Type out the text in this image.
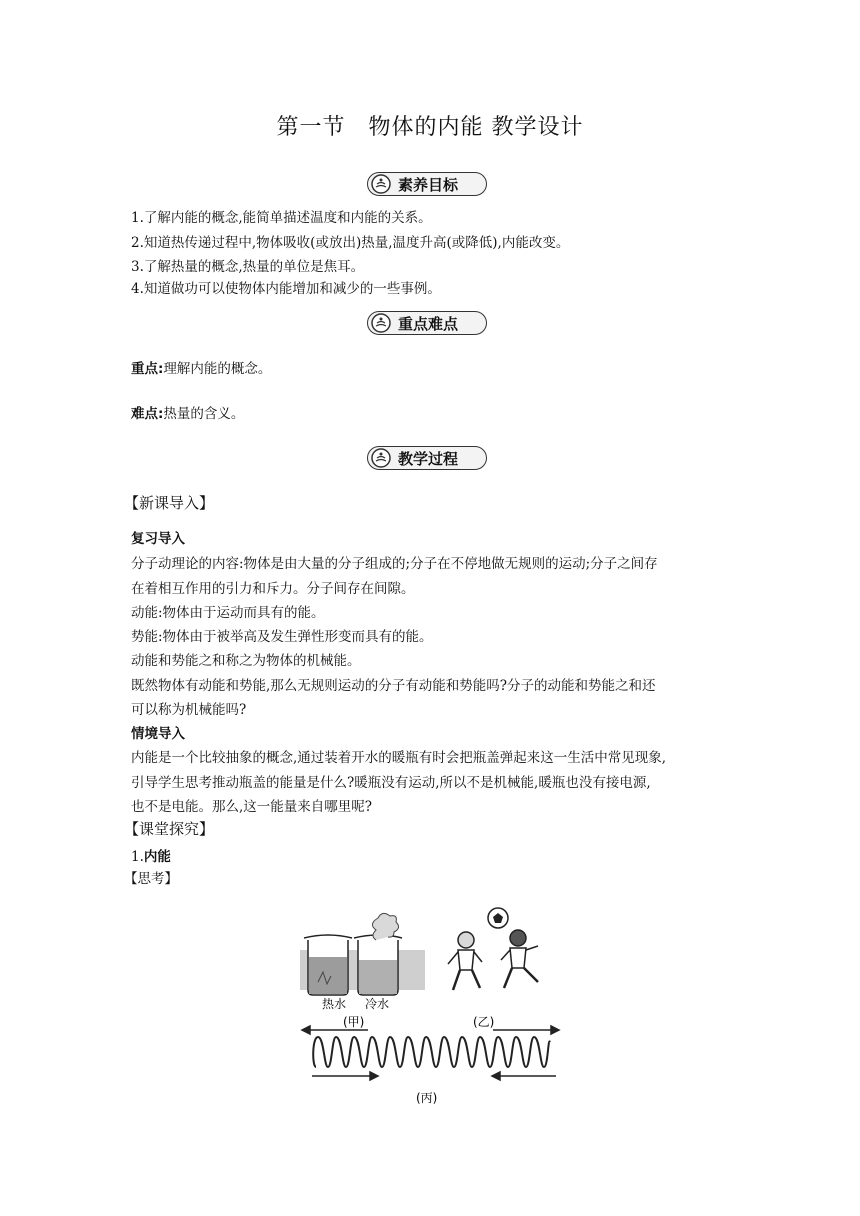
第一节　物体的内能 教学设计
素养目标
1.了解内能的概念,能简单描述温度和内能的关系。
2.知道热传递过程中,物体吸收(或放出)热量,温度升高(或降低),内能改变。
3.了解热量的概念,热量的单位是焦耳。
4.知道做功可以使物体内能增加和减少的一些事例。
重点难点
重点:理解内能的概念。
难点:热量的含义。
教学过程
【新课导入】
复习导入
分子动理论的内容:物体是由大量的分子组成的;分子在不停地做无规则的运动;分子之间存
在着相互作用的引力和斥力。分子间存在间隙。
动能:物体由于运动而具有的能。
势能:物体由于被举高及发生弹性形变而具有的能。
动能和势能之和称之为物体的机械能。
既然物体有动能和势能,那么无规则运动的分子有动能和势能吗?分子的动能和势能之和还
可以称为机械能吗?
情境导入
内能是一个比较抽象的概念,通过装着开水的暖瓶有时会把瓶盖弹起来这一生活中常见现象,
引导学生思考推动瓶盖的能量是什么?暖瓶没有运动,所以不是机械能,暖瓶也没有接电源,
也不是电能。那么,这一能量来自哪里呢?
【课堂探究】
1.内能
【思考】
热水 冷水
(甲)	(乙)
(丙)
